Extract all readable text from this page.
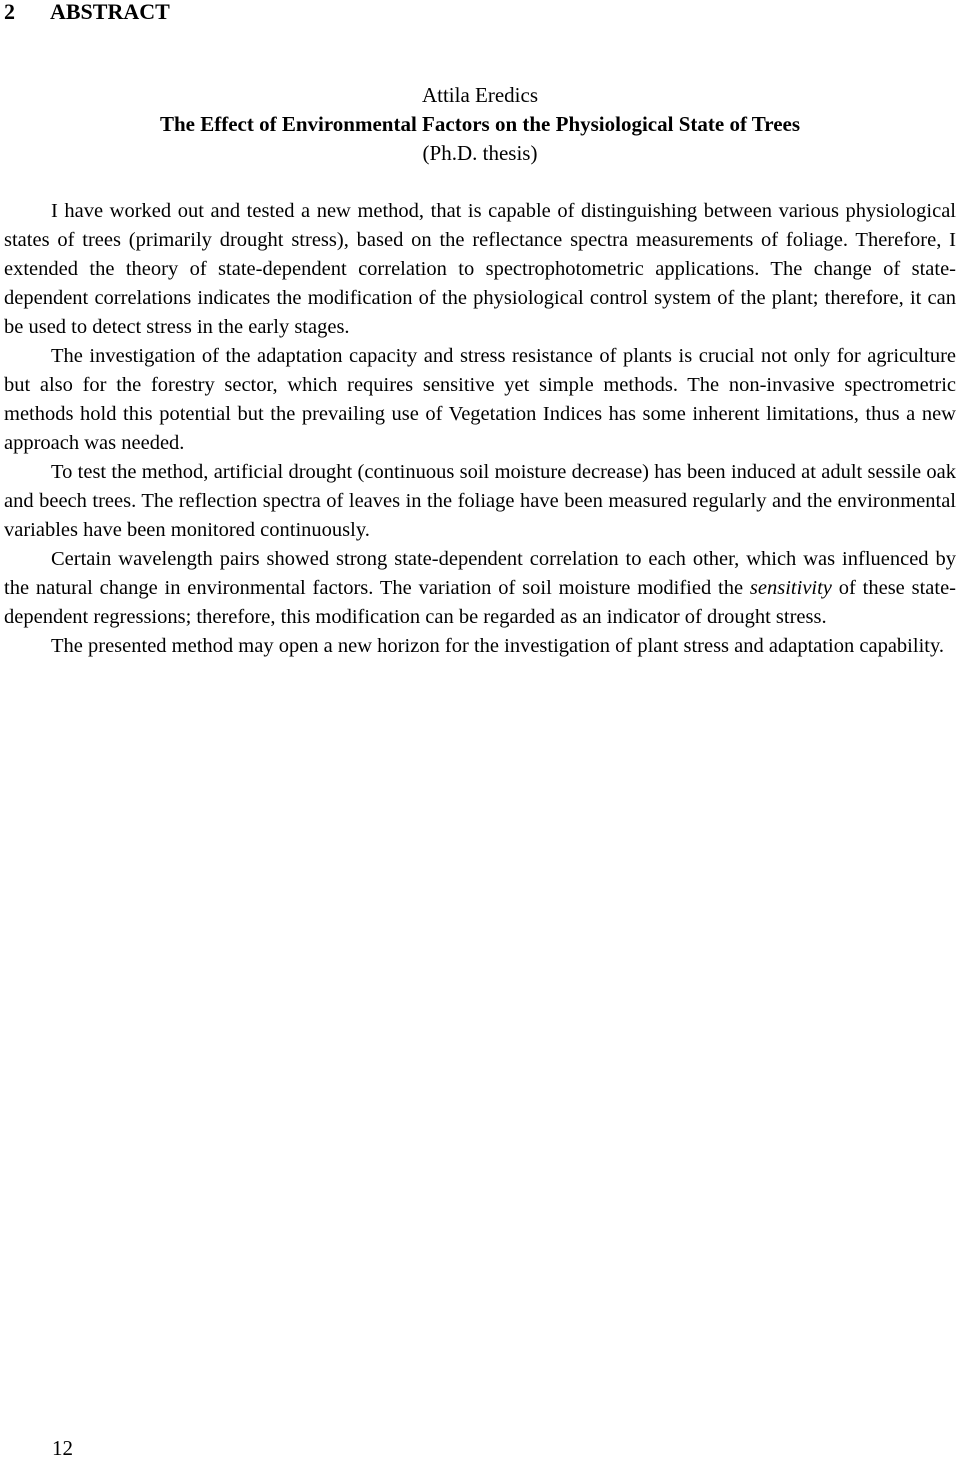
2 ABSTRACT
Attila Eredics
The Effect of Environmental Factors on the Physiological State of Trees
(Ph.D. thesis)

I have worked out and tested a new method, that is capable of distinguishing between various physiological states of trees (primarily drought stress), based on the reflectance spectra measurements of foliage. Therefore, I extended the theory of state-dependent correlation to spectrophotometric applications. The change of state-dependent correlations indicates the modification of the physiological control system of the plant; therefore, it can be used to detect stress in the early stages.

The investigation of the adaptation capacity and stress resistance of plants is crucial not only for agriculture but also for the forestry sector, which requires sensitive yet simple methods. The non-invasive spectrometric methods hold this potential but the prevailing use of Vegetation Indices has some inherent limitations, thus a new approach was needed.

To test the method, artificial drought (continuous soil moisture decrease) has been induced at adult sessile oak and beech trees. The reflection spectra of leaves in the foliage have been measured regularly and the environmental variables have been monitored continuously.

Certain wavelength pairs showed strong state-dependent correlation to each other, which was influenced by the natural change in environmental factors. The variation of soil moisture modified the sensitivity of these state-dependent regressions; therefore, this modification can be regarded as an indicator of drought stress.

The presented method may open a new horizon for the investigation of plant stress and adaptation capability.

12
